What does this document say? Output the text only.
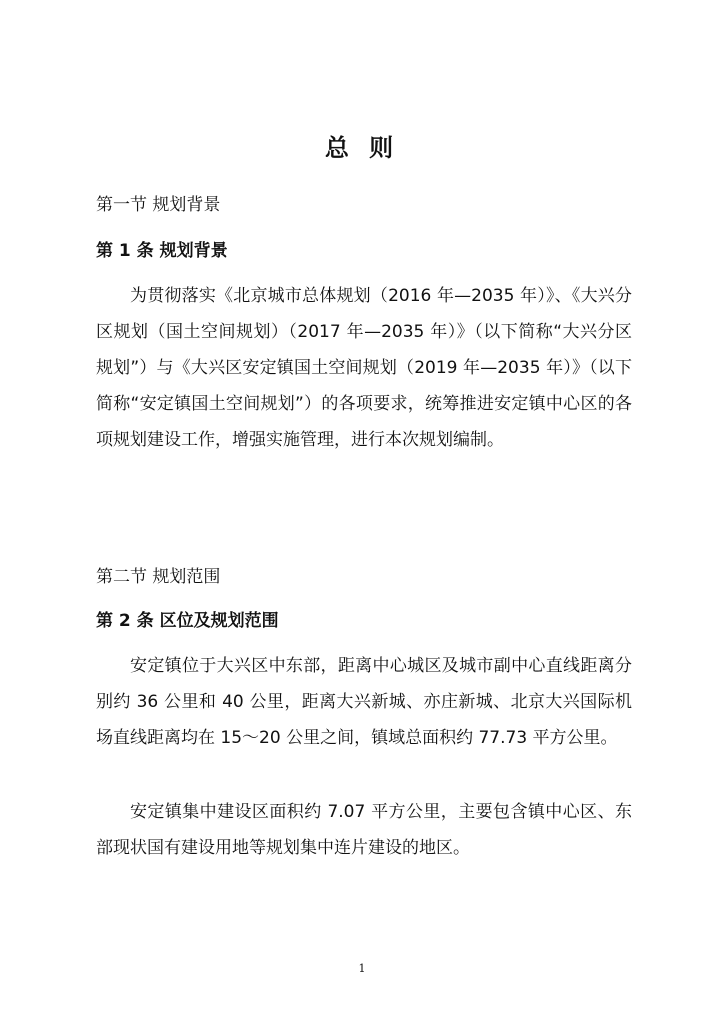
总 则
第一节 规划背景
第 1 条 规划背景

为贯彻落实《北京城市总体规划（2016 年—2035 年）》、《大兴分区规划（国土空间规划）（2017 年—2035 年）》（以下简称“大兴分区规划”）与《大兴区安定镇国土空间规划（2019 年—2035 年）》（以下简称“安定镇国土空间规划”）的各项要求，统筹推进安定镇中心区的各项规划建设工作，增强实施管理，进行本次规划编制。

第二节 规划范围
第 2 条 区位及规划范围

安定镇位于大兴区中东部，距离中心城区及城市副中心直线距离分别约 36 公里和 40 公里，距离大兴新城、亦庄新城、北京大兴国际机场直线距离均在 15～20 公里之间，镇域总面积约 77.73 平方公里。

安定镇集中建设区面积约 7.07 平方公里，主要包含镇中心区、东部现状国有建设用地等规划集中连片建设的地区。

1
